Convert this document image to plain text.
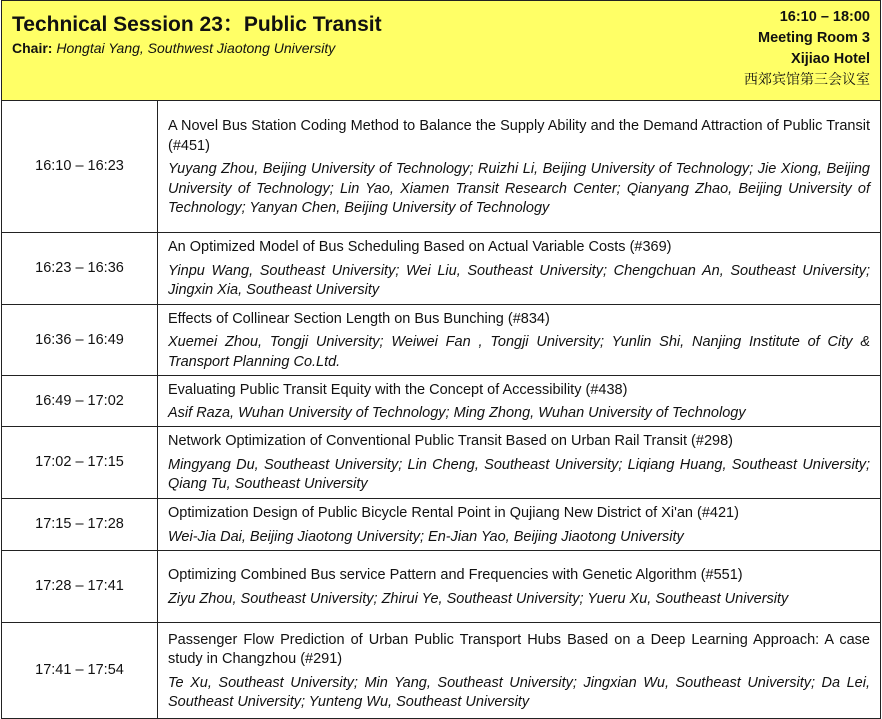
Technical Session 23：Public Transit
Chair: Hongtai Yang, Southwest Jiaotong University
16:10 – 18:00
Meeting Room 3
Xijiao Hotel
西郊宾馆第三会议室
16:10 – 16:23	A Novel Bus Station Coding Method to Balance the Supply Ability and the Demand Attraction of Public Transit (#451)
Yuyang Zhou, Beijing University of Technology; Ruizhi Li, Beijing University of Technology; Jie Xiong, Beijing University of Technology; Lin Yao, Xiamen Transit Research Center; Qianyang Zhao, Beijing University of Technology; Yanyan Chen, Beijing University of Technology

16:23 – 16:36	An Optimized Model of Bus Scheduling Based on Actual Variable Costs (#369)
Yinpu Wang, Southeast University; Wei Liu, Southeast University; Chengchuan An, Southeast University; Jingxin Xia, Southeast University

16:36 – 16:49	Effects of Collinear Section Length on Bus Bunching (#834)
Xuemei Zhou, Tongji University; Weiwei Fan , Tongji University; Yunlin Shi, Nanjing Institute of City & Transport Planning Co.Ltd.

16:49 – 17:02	Evaluating Public Transit Equity with the Concept of Accessibility (#438)
Asif Raza, Wuhan University of Technology; Ming Zhong, Wuhan University of Technology

17:02 – 17:15	Network Optimization of Conventional Public Transit Based on Urban Rail Transit (#298)
Mingyang Du, Southeast University; Lin Cheng, Southeast University; Liqiang Huang, Southeast University; Qiang Tu, Southeast University

17:15 – 17:28	Optimization Design of Public Bicycle Rental Point in Qujiang New District of Xi'an (#421)
Wei-Jia Dai, Beijing Jiaotong University; En-Jian Yao, Beijing Jiaotong University

17:28 – 17:41	Optimizing Combined Bus service Pattern and Frequencies with Genetic Algorithm (#551)
Ziyu Zhou, Southeast University; Zhirui Ye, Southeast University; Yueru Xu, Southeast University

17:41 – 17:54	Passenger Flow Prediction of Urban Public Transport Hubs Based on a Deep Learning Approach: A case study in Changzhou (#291)
Te Xu, Southeast University; Min Yang, Southeast University; Jingxian Wu, Southeast University; Da Lei, Southeast University; Yunteng Wu, Southeast University
